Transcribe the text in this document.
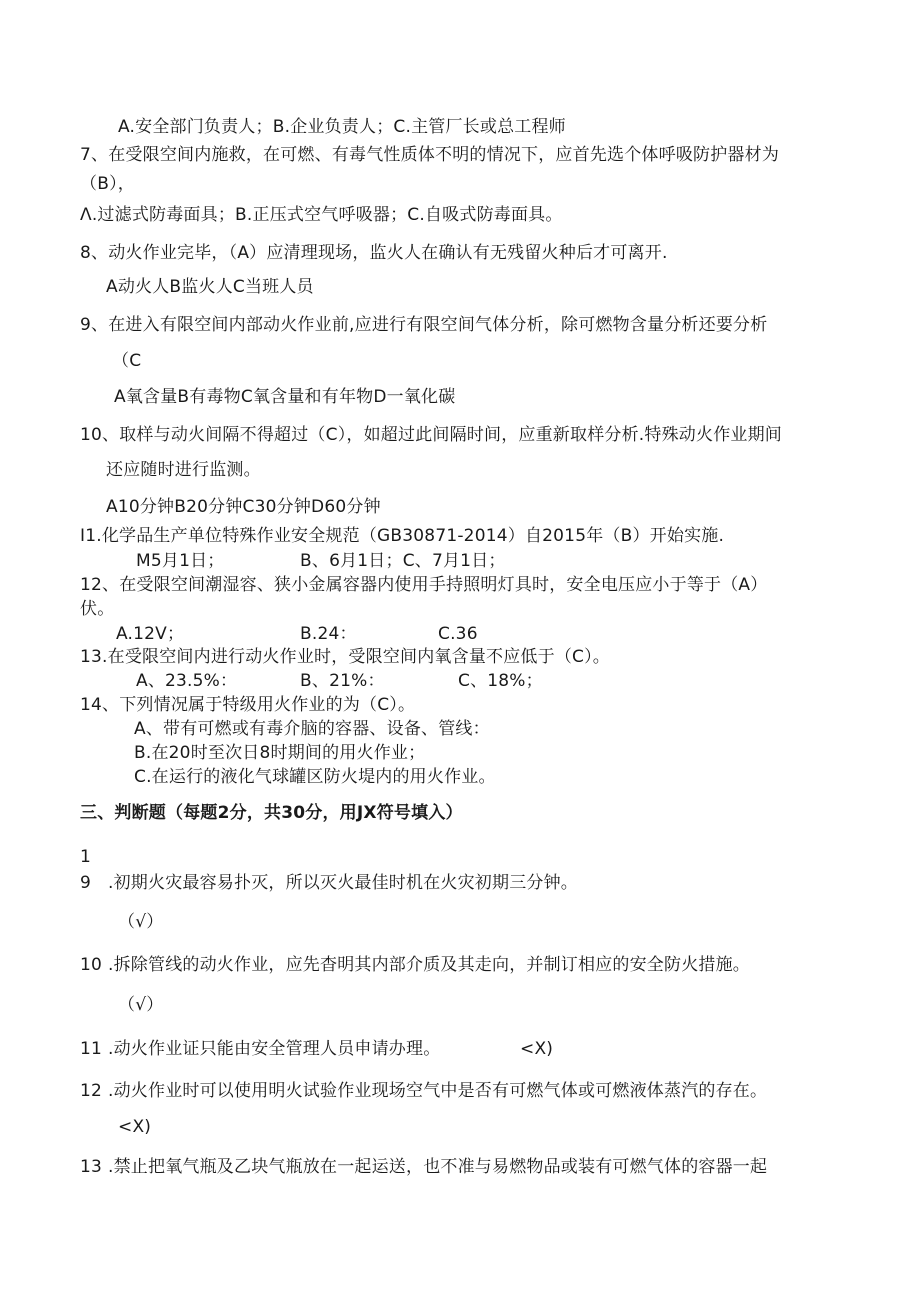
A.安全部门负责人；B.企业负责人；C.主管厂长或总工程师
7、在受限空间内施救，在可燃、有毒气性质体不明的情况下，应首先选个体呼吸防护器材为
（B），
Λ.过滤式防毒面具；B.正压式空气呼吸器；C.自吸式防毒面具。
8、动火作业完毕，（A）应清理现场，监火人在确认有无残留火种后才可离开.
A动火人B监火人C当班人员
9、在进入有限空间内部动火作业前,应进行有限空间气体分析，除可燃物含量分析还要分析
（C
A氧含量B有毒物C氧含量和有年物D一氧化碳
10、取样与动火间隔不得超过（C），如超过此间隔时间，应重新取样分析.特殊动火作业期间
还应随时进行监测。
A10分钟B20分钟C30分钟D60分钟
I1.化学品生产单位特殊作业安全规范（GB30871-2014）自2015年（B）开始实施.
M5月1日；	B、6月1日；C、7月1日；
12、在受限空间潮湿容、狭小金属容器内使用手持照明灯具时，安全电压应小于等于（A）
伏。
A.12V；	B.24：	C.36
13.在受限空间内进行动火作业时，受限空间内氧含量不应低于（C）。
A、23.5%：	B、21%：	C、18%；
14、下列情况属于特级用火作业的为（C）。
A、带有可燃或有毒介脑的容器、设备、管线：
B.在20时至次日8时期间的用火作业；
C.在运行的液化气球罐区防火堤内的用火作业。
三、判断题（每题2分，共30分，用JX符号填入）
1
9 .初期火灾最容易扑灭，所以灭火最佳时机在火灾初期三分钟。
（√）
10 .拆除管线的动火作业，应先杳明其内部介质及其走向，并制订相应的安全防火措施。
（√）
11 .动火作业证只能由安全管理人员申请办理。	<X)
12 .动火作业时可以使用明火试验作业现场空气中是否有可燃气体或可燃液体蒸汽的存在。
<X)
13 .禁止把氧气瓶及乙块气瓶放在一起运送，也不准与易燃物品或装有可燃气体的容器一起
